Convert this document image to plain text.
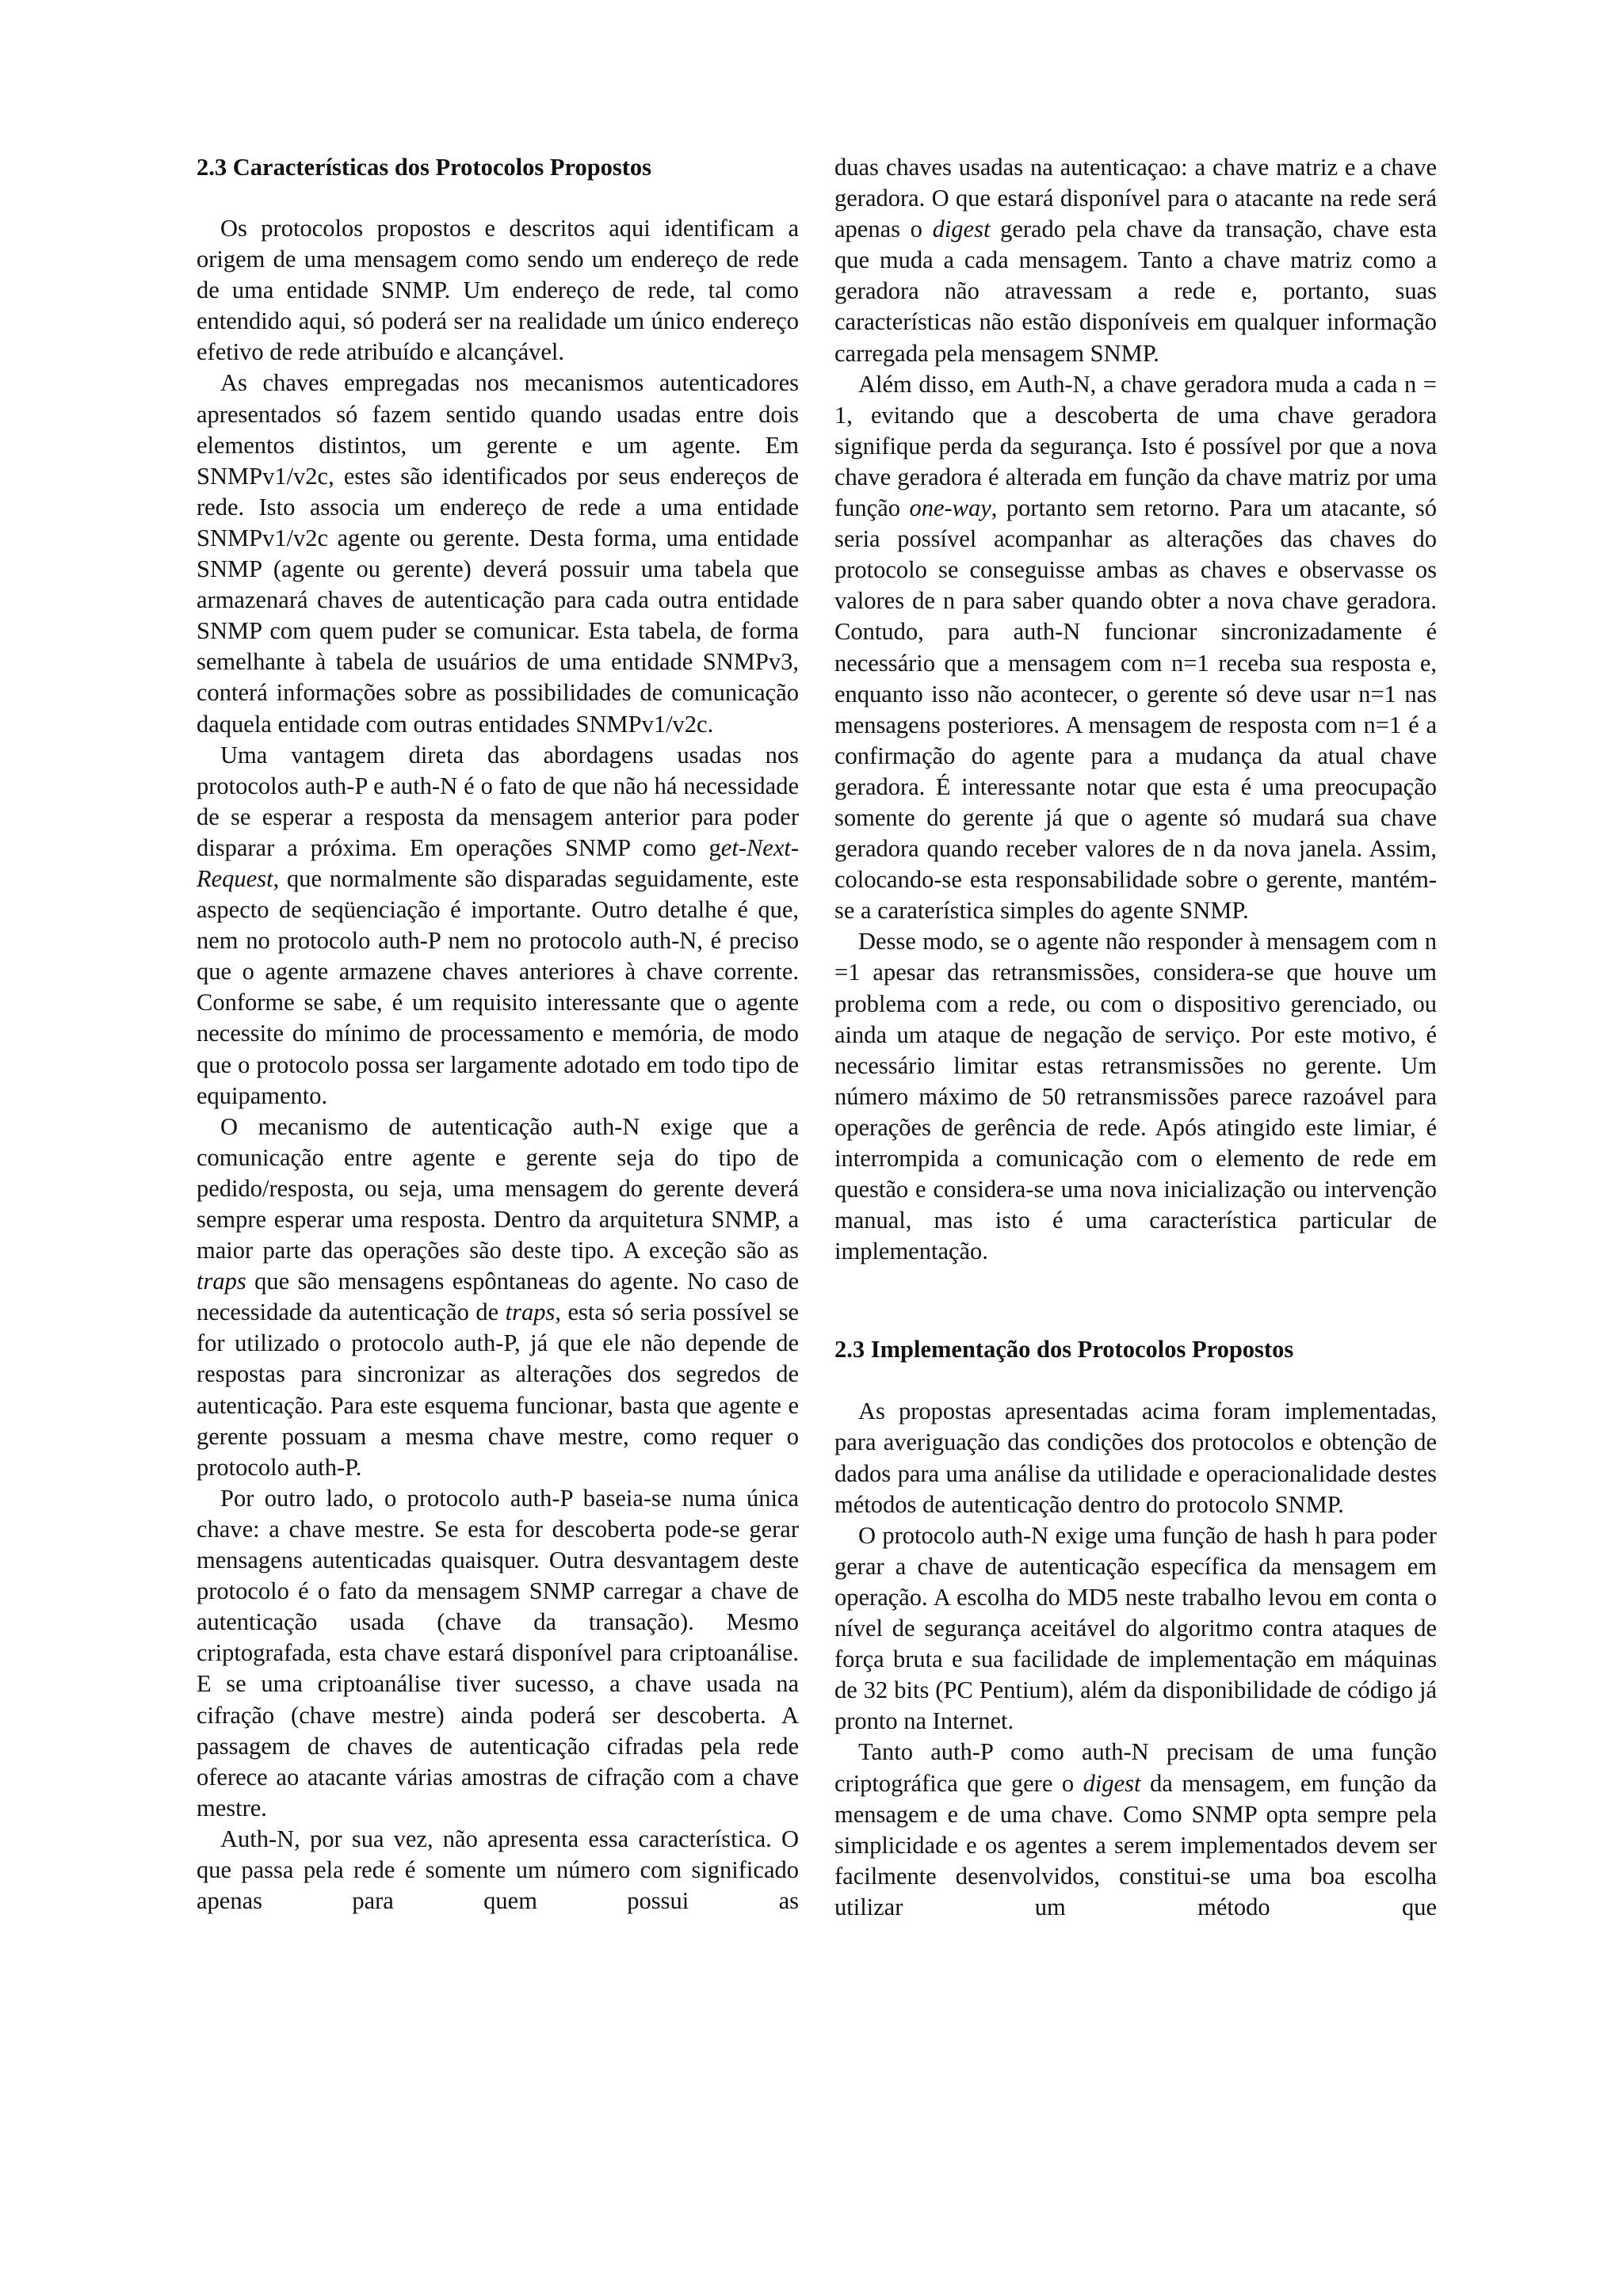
2.3 Características dos Protocolos Propostos

Os protocolos propostos e descritos aqui identificam a origem de uma mensagem como sendo um endereço de rede de uma entidade SNMP. Um endereço de rede, tal como entendido aqui, só poderá ser na realidade um único endereço efetivo de rede atribuído e alcançável.

As chaves empregadas nos mecanismos autenticadores apresentados só fazem sentido quando usadas entre dois elementos distintos, um gerente e um agente. Em SNMPv1/v2c, estes são identificados por seus endereços de rede. Isto associa um endereço de rede a uma entidade SNMPv1/v2c agente ou gerente. Desta forma, uma entidade SNMP (agente ou gerente) deverá possuir uma tabela que armazenará chaves de autenticação para cada outra entidade SNMP com quem puder se comunicar. Esta tabela, de forma semelhante à tabela de usuários de uma entidade SNMPv3, conterá informações sobre as possibilidades de comunicação daquela entidade com outras entidades SNMPv1/v2c.

Uma vantagem direta das abordagens usadas nos protocolos auth-P e auth-N é o fato de que não há necessidade de se esperar a resposta da mensagem anterior para poder disparar a próxima. Em operações SNMP como get-Next-Request, que normalmente são disparadas seguidamente, este aspecto de seqüenciação é importante. Outro detalhe é que, nem no protocolo auth-P nem no protocolo auth-N, é preciso que o agente armazene chaves anteriores à chave corrente. Conforme se sabe, é um requisito interessante que o agente necessite do mínimo de processamento e memória, de modo que o protocolo possa ser largamente adotado em todo tipo de equipamento.

O mecanismo de autenticação auth-N exige que a comunicação entre agente e gerente seja do tipo de pedido/resposta, ou seja, uma mensagem do gerente deverá sempre esperar uma resposta. Dentro da arquitetura SNMP, a maior parte das operações são deste tipo. A exceção são as traps que são mensagens espôntaneas do agente. No caso de necessidade da autenticação de traps, esta só seria possível se for utilizado o protocolo auth-P, já que ele não depende de respostas para sincronizar as alterações dos segredos de autenticação. Para este esquema funcionar, basta que agente e gerente possuam a mesma chave mestre, como requer o protocolo auth-P.

Por outro lado, o protocolo auth-P baseia-se numa única chave: a chave mestre. Se esta for descoberta pode-se gerar mensagens autenticadas quaisquer. Outra desvantagem deste protocolo é o fato da mensagem SNMP carregar a chave de autenticação usada (chave da transação). Mesmo criptografada, esta chave estará disponível para criptoanálise. E se uma criptoanálise tiver sucesso, a chave usada na cifração (chave mestre) ainda poderá ser descoberta. A passagem de chaves de autenticação cifradas pela rede oferece ao atacante várias amostras de cifração com a chave mestre.

Auth-N, por sua vez, não apresenta essa característica. O que passa pela rede é somente um número com significado apenas para quem possui as

duas chaves usadas na autenticaçao: a chave matriz e a chave geradora. O que estará disponível para o atacante na rede será apenas o digest gerado pela chave da transação, chave esta que muda a cada mensagem. Tanto a chave matriz como a geradora não atravessam a rede e, portanto, suas características não estão disponíveis em qualquer informação carregada pela mensagem SNMP.

Além disso, em Auth-N, a chave geradora muda a cada n = 1, evitando que a descoberta de uma chave geradora signifique perda da segurança. Isto é possível por que a nova chave geradora é alterada em função da chave matriz por uma função one-way, portanto sem retorno. Para um atacante, só seria possível acompanhar as alterações das chaves do protocolo se conseguisse ambas as chaves e observasse os valores de n para saber quando obter a nova chave geradora. Contudo, para auth-N funcionar sincronizadamente é necessário que a mensagem com n=1 receba sua resposta e, enquanto isso não acontecer, o gerente só deve usar n=1 nas mensagens posteriores. A mensagem de resposta com n=1 é a confirmação do agente para a mudança da atual chave geradora. É interessante notar que esta é uma preocupação somente do gerente já que o agente só mudará sua chave geradora quando receber valores de n da nova janela. Assim, colocando-se esta responsabilidade sobre o gerente, mantém-se a caraterística simples do agente SNMP.

Desse modo, se o agente não responder à mensagem com n =1 apesar das retransmissões, considera-se que houve um problema com a rede, ou com o dispositivo gerenciado, ou ainda um ataque de negação de serviço. Por este motivo, é necessário limitar estas retransmissões no gerente. Um número máximo de 50 retransmissões parece razoável para operações de gerência de rede. Após atingido este limiar, é interrompida a comunicação com o elemento de rede em questão e considera-se uma nova inicialização ou intervenção manual, mas isto é uma característica particular de implementação.

2.3 Implementação dos Protocolos Propostos

As propostas apresentadas acima foram implementadas, para averiguação das condições dos protocolos e obtenção de dados para uma análise da utilidade e operacionalidade destes métodos de autenticação dentro do protocolo SNMP.

O protocolo auth-N exige uma função de hash h para poder gerar a chave de autenticação específica da mensagem em operação. A escolha do MD5 neste trabalho levou em conta o nível de segurança aceitável do algoritmo contra ataques de força bruta e sua facilidade de implementação em máquinas de 32 bits (PC Pentium), além da disponibilidade de código já pronto na Internet.

Tanto auth-P como auth-N precisam de uma função criptográfica que gere o digest da mensagem, em função da mensagem e de uma chave. Como SNMP opta sempre pela simplicidade e os agentes a serem implementados devem ser facilmente desenvolvidos, constitui-se uma boa escolha utilizar um método que
